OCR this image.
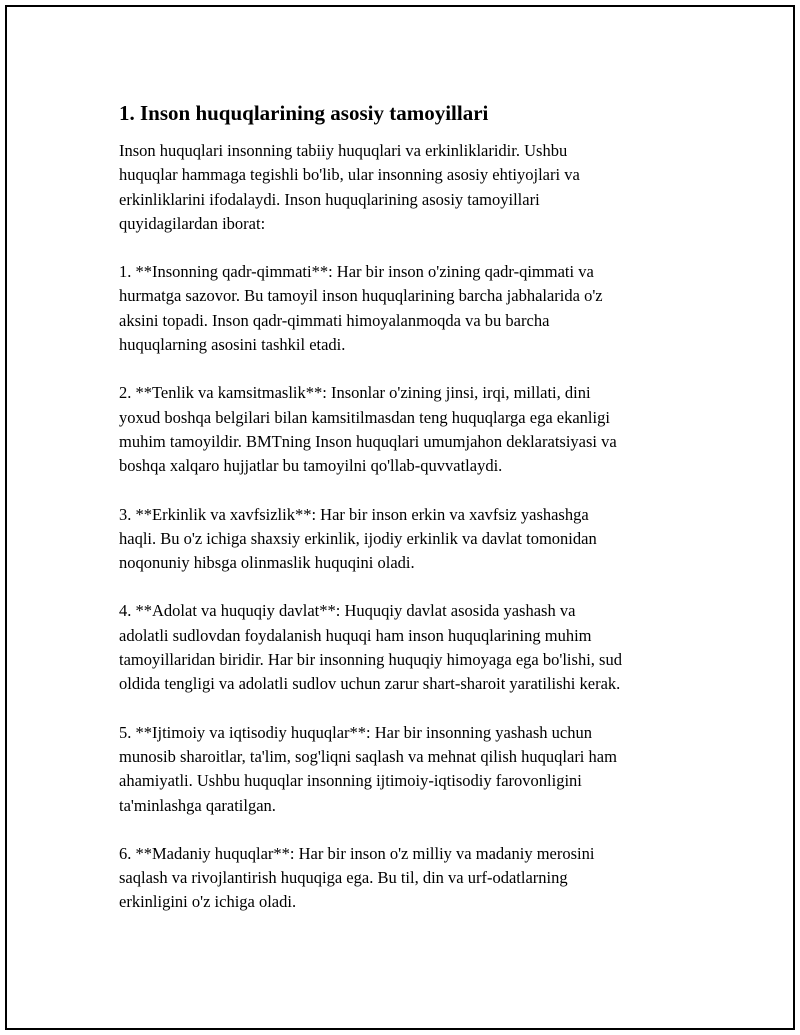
1. Inson huquqlarining asosiy tamoyillari

Inson huquqlari insonning tabiiy huquqlari va erkinliklaridir. Ushbu
huquqlar hammaga tegishli bo'lib, ular insonning asosiy ehtiyojlari va
erkinliklarini ifodalaydi. Inson huquqlarining asosiy tamoyillari
quyidagilardan iborat:

1. **Insonning qadr-qimmati**: Har bir inson o'zining qadr-qimmati va
hurmatga sazovor. Bu tamoyil inson huquqlarining barcha jabhalarida o'z
aksini topadi. Inson qadr-qimmati himoyalanmoqda va bu barcha
huquqlarning asosini tashkil etadi.

2. **Tenlik va kamsitmaslik**: Insonlar o'zining jinsi, irqi, millati, dini
yoxud boshqa belgilari bilan kamsitilmasdan teng huquqlarga ega ekanligi
muhim tamoyildir. BMTning Inson huquqlari umumjahon deklaratsiyasi va
boshqa xalqaro hujjatlar bu tamoyilni qo'llab-quvvatlaydi.

3. **Erkinlik va xavfsizlik**: Har bir inson erkin va xavfsiz yashashga
haqli. Bu o'z ichiga shaxsiy erkinlik, ijodiy erkinlik va davlat tomonidan
noqonuniy hibsga olinmaslik huquqini oladi.

4. **Adolat va huquqiy davlat**: Huquqiy davlat asosida yashash va
adolatli sudlovdan foydalanish huquqi ham inson huquqlarining muhim
tamoyillaridan biridir. Har bir insonning huquqiy himoyaga ega bo'lishi, sud
oldida tengligi va adolatli sudlov uchun zarur shart-sharoit yaratilishi kerak.

5. **Ijtimoiy va iqtisodiy huquqlar**: Har bir insonning yashash uchun
munosib sharoitlar, ta'lim, sog'liqni saqlash va mehnat qilish huquqlari ham
ahamiyatli. Ushbu huquqlar insonning ijtimoiy-iqtisodiy farovonligini
ta'minlashga qaratilgan.

6. **Madaniy huquqlar**: Har bir inson o'z milliy va madaniy merosini
saqlash va rivojlantirish huquqiga ega. Bu til, din va urf-odatlarning
erkinligini o'z ichiga oladi.
